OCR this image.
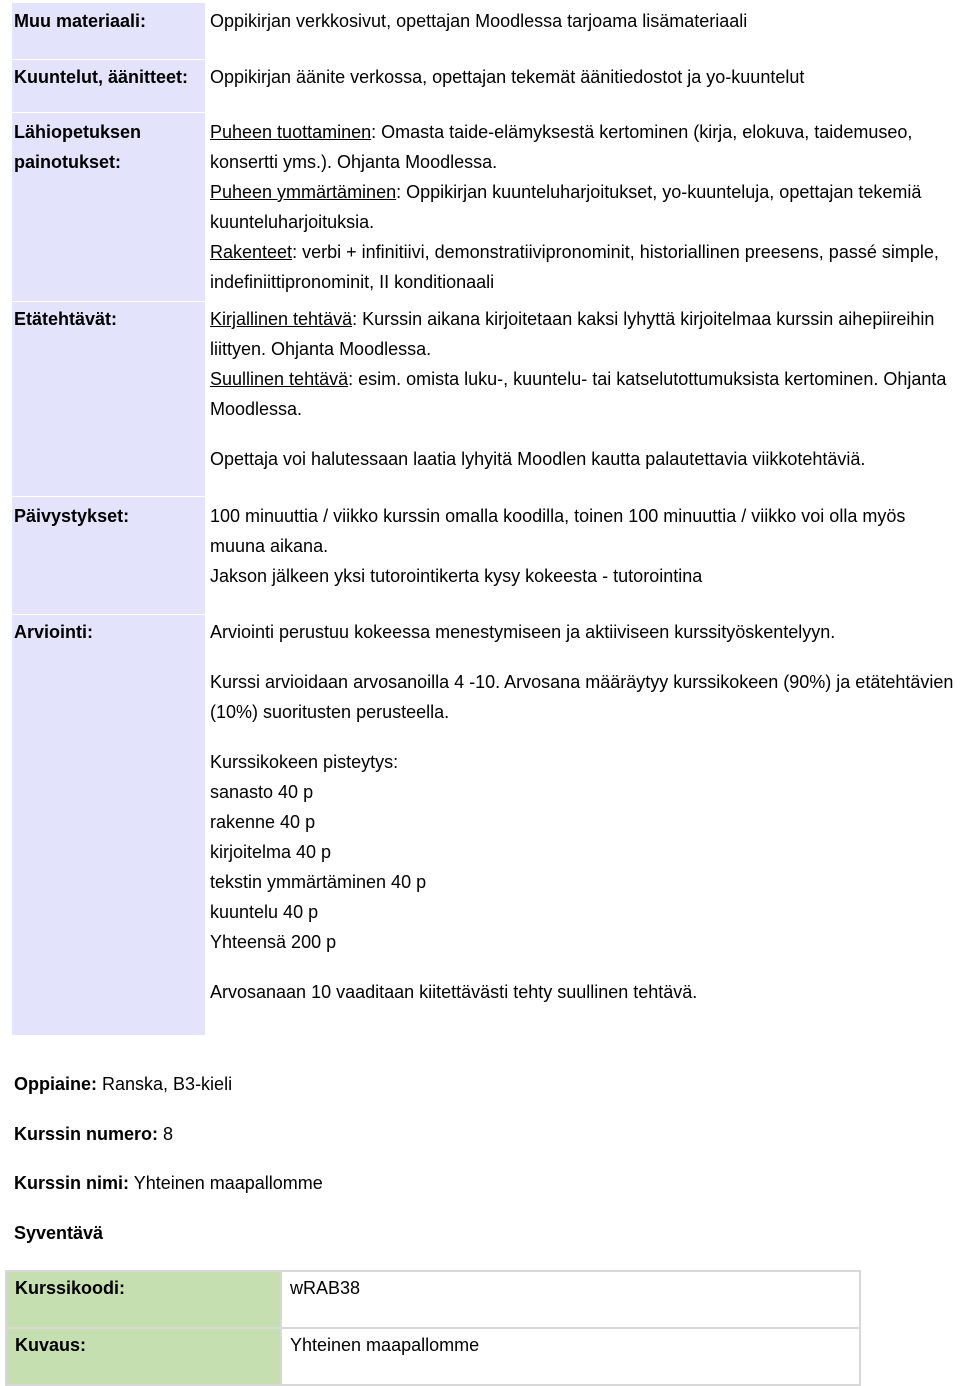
Muu materiaali:	Oppikirjan verkkosivut, opettajan Moodlessa tarjoama lisämateriaali
Kuuntelut, äänitteet: Oppikirjan äänite verkossa, opettajan tekemät äänitiedostot ja yo-kuuntelut
Lähiopetuksen
painotukset:

Puheen tuottaminen: Omasta taide-elämyksestä kertominen (kirja, elokuva, taidemuseo, konsertti yms.). Ohjanta Moodlessa.

Puheen ymmärtäminen: Oppikirjan kuunteluharjoitukset, yo-kuunteluja, opettajan tekemiä kuunteluharjoituksia.

Rakenteet: verbi + infinitiivi, demonstratiivipronominit, historiallinen preesens, passé simple, indefiniittipronominit, II konditionaali

Etätehtävät:	Kirjallinen tehtävä: Kurssin aikana kirjoitetaan kaksi lyhyttä kirjoitelmaa kurssin aihepiireihin liittyen. Ohjanta Moodlessa.

Suullinen tehtävä: esim. omista luku-, kuuntelu- tai katselutottumuksista kertominen. Ohjanta Moodlessa.

Opettaja voi halutessaan laatia lyhyitä Moodlen kautta palautettavia viikkotehtäviä.

Päivystykset:	100 minuuttia / viikko kurssin omalla koodilla, toinen 100 minuuttia / viikko voi olla myös muuna aikana.

Jakson jälkeen yksi tutorointikerta kysy kokeesta - tutorointina

Arviointi:	Arviointi perustuu kokeessa menestymiseen ja aktiiviseen kurssityöskentelyyn.

Kurssi arvioidaan arvosanoilla 4 -10. Arvosana määräytyy kurssikokeen (90%) ja etätehtävien (10%) suoritusten perusteella.

Kurssikokeen pisteytys:

sanasto 40 p

rakenne 40 p

kirjoitelma 40 p

tekstin ymmärtäminen 40 p

kuuntelu 40 p

Yhteensä 200 p

Arvosanaan 10 vaaditaan kiitettävästi tehty suullinen tehtävä.

Oppiaine: Ranska, B3-kieli
Kurssin numero: 8
Kurssin nimi: Yhteinen maapallomme
Syventävä
Kurssikoodi:	wRAB38
Kuvaus:	Yhteinen maapallomme
